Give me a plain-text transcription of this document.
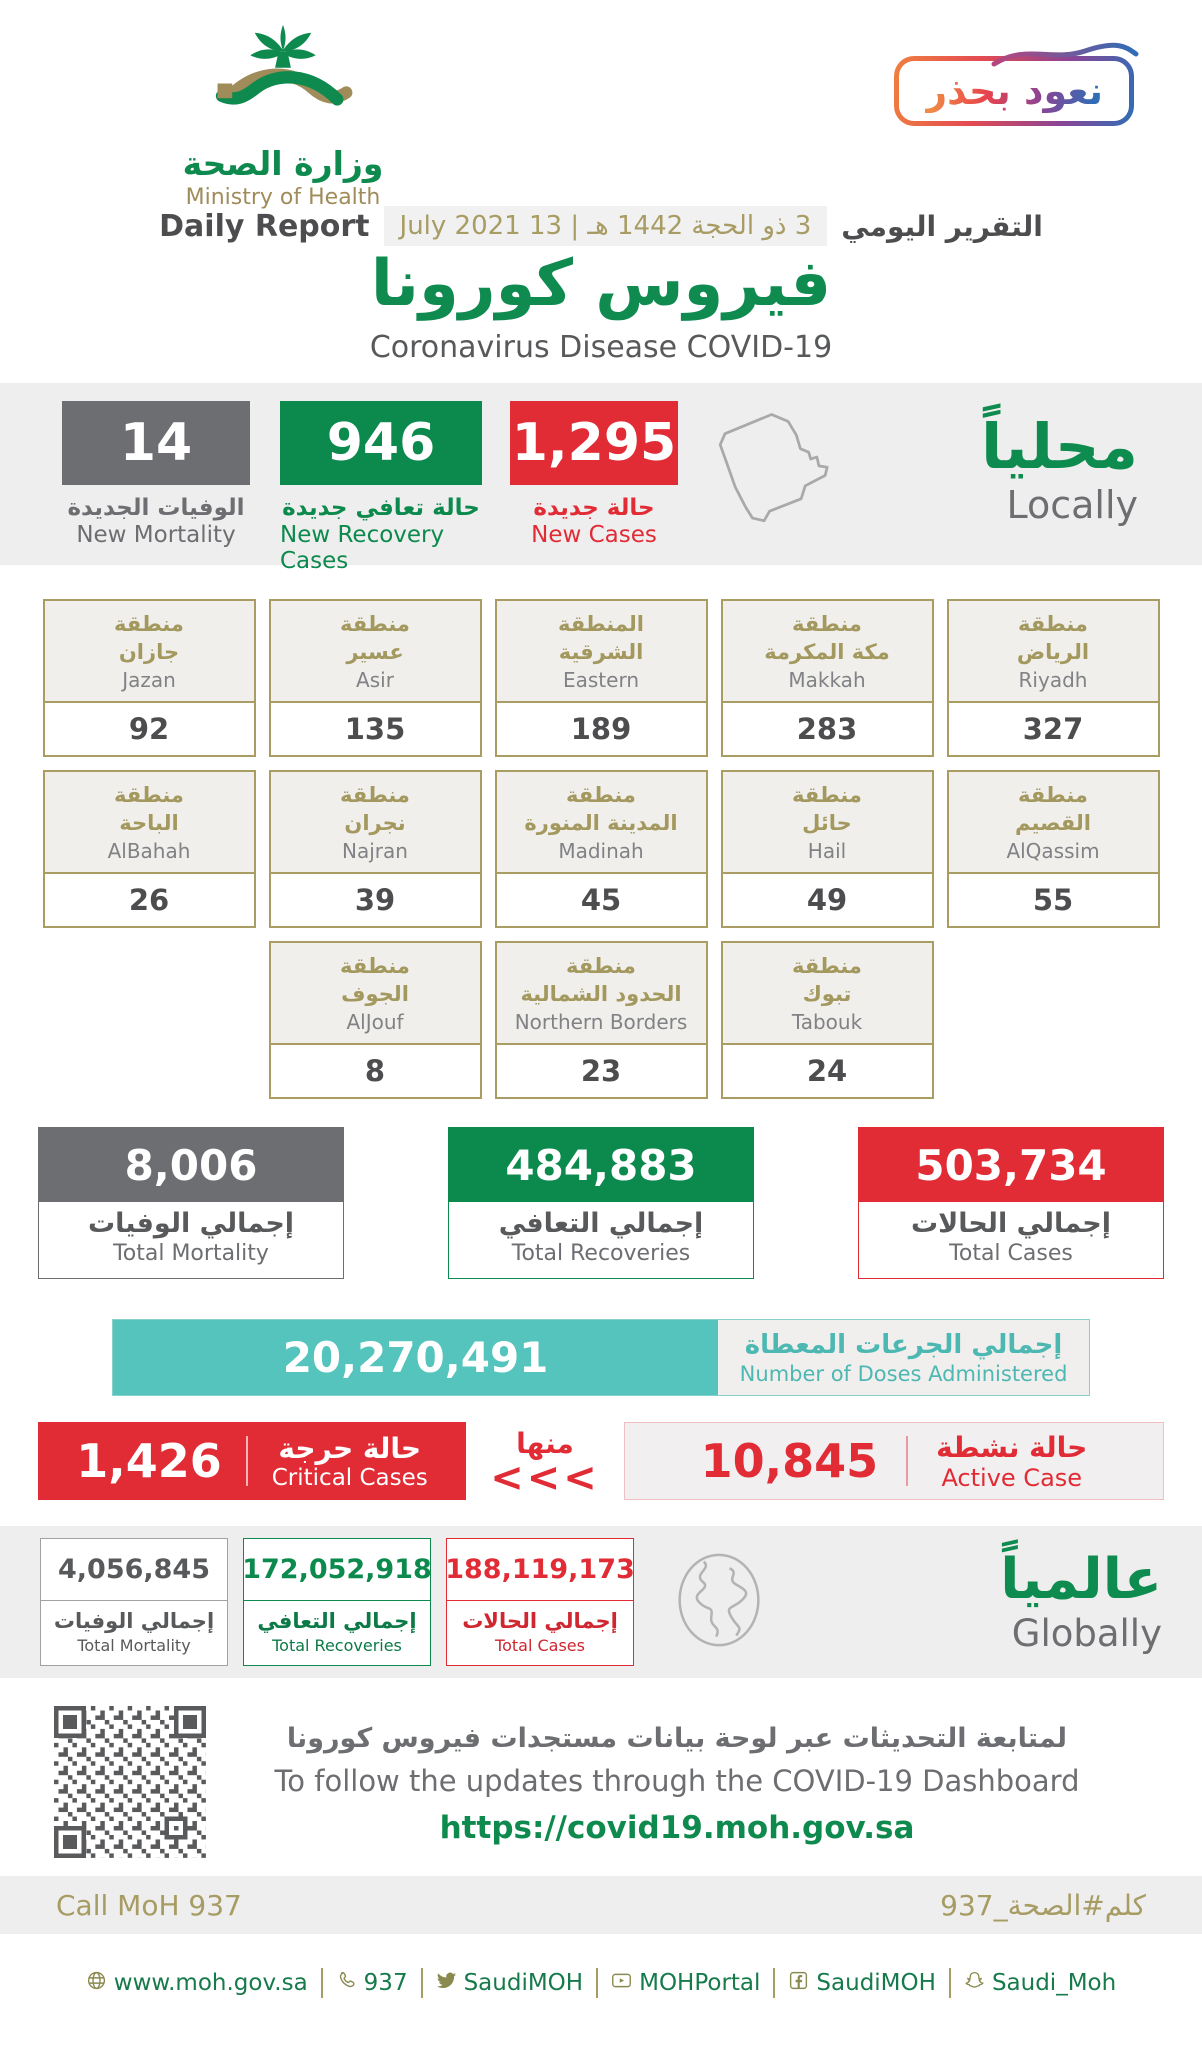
وزارة الصحة
Ministry of Health
نعود بحذر
Daily Report	3 ذو الحجة 1442 هـ | 13 July 2021	التقرير اليومي
فيروس كورونا
Coronavirus Disease COVID-19
14
الوفيات الجديدة
New Mortality
946
حالة تعافي جديدة
New Recovery Cases
1,295
حالة جديدة
New Cases
محلياً
Locally
منطقة
جازان
Jazan
92
منطقة
عسير
Asir
135
المنطقة
الشرقية
Eastern
189
منطقة
مكة المكرمة
Makkah
283
منطقة
الرياض
Riyadh
327
منطقة
الباحة
AlBahah
26
منطقة
نجران
Najran
39
منطقة
المدينة المنورة
Madinah
45
منطقة
حائل
Hail
49
منطقة
القصيم
AlQassim
55
منطقة
الجوف
AlJouf
8
منطقة
الحدود الشمالية
Northern Borders
23
منطقة
تبوك
Tabouk
24
8,006
إجمالي الوفيات
Total Mortality
484,883
إجمالي التعافي
Total Recoveries
503,734
إجمالي الحالات
Total Cases
20,270,491	إجمالي الجرعات المعطاة
Number of Doses Administered
1,426 حالة حرجة
Critical Cases
منها
<<< 10,845 حالة نشطة
Active Case
4,056,845
إجمالي الوفيات
Total Mortality
172,052,918
إجمالي التعافي
Total Recoveries
188,119,173
إجمالي الحالات
Total Cases
عالمياً
Globally
لمتابعة التحديثات عبر لوحة بيانات مستجدات فيروس كورونا
To follow the updates through the COVID-19 Dashboard
https://covid19.moh.gov.sa
Call MoH 937	كلم#الصحة_937
www.moh.gov.sa 937 SaudiMOH MOHPortal SaudiMOH Saudi_Moh
